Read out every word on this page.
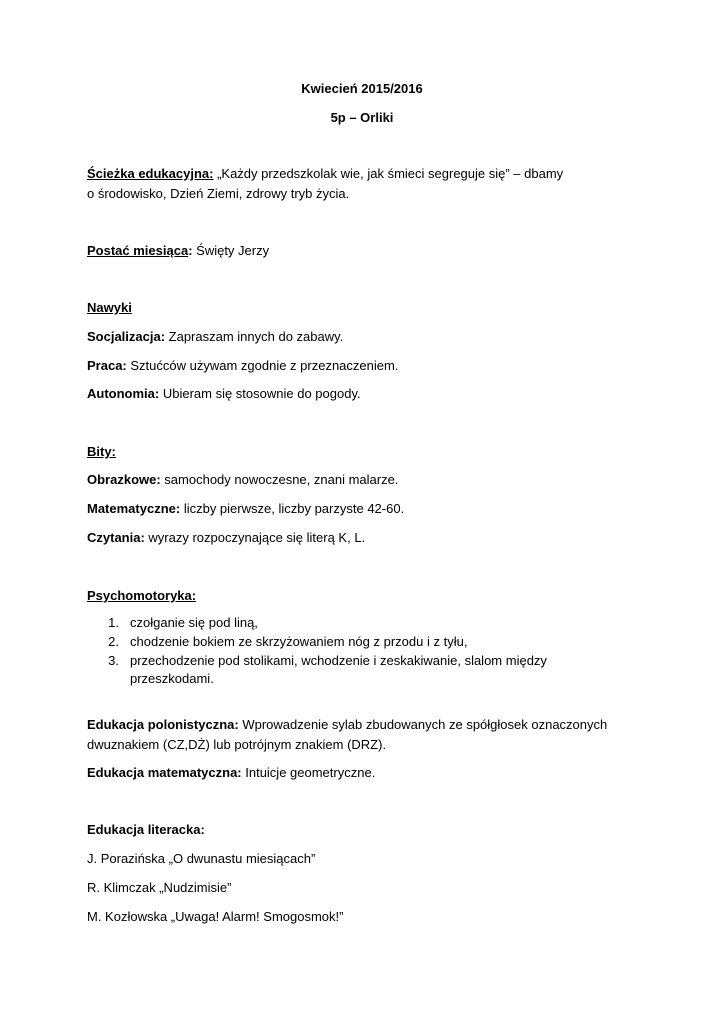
Kwiecień 2015/2016
5p – Orliki
Ścieżka edukacyjna: „Każdy przedszkolak wie, jak śmieci segreguje się” – dbamy
o środowisko, Dzień Ziemi, zdrowy tryb życia.
Postać miesiąca: Święty Jerzy
Nawyki
Socjalizacja: Zapraszam innych do zabawy.
Praca: Sztućców używam zgodnie z przeznaczeniem.
Autonomia: Ubieram się stosownie do pogody.
Bity:
Obrazkowe: samochody nowoczesne, znani malarze.
Matematyczne: liczby pierwsze, liczby parzyste 42-60.
Czytania: wyrazy rozpoczynające się literą K, L.
Psychomotoryka:
1. czołganie się pod liną,
2. chodzenie bokiem ze skrzyżowaniem nóg z przodu i z tyłu,
3. przechodzenie pod stolikami, wchodzenie i zeskakiwanie, slalom między
przeszkodami.
Edukacja polonistyczna: Wprowadzenie sylab zbudowanych ze spółgłosek oznaczonych
dwuznakiem (CZ,DŻ) lub potrójnym znakiem (DRZ).
Edukacja matematyczna: Intuicje geometryczne.
Edukacja literacka:
J. Porazińska „O dwunastu miesiącach”
R. Klimczak „Nudzimisie”
M. Kozłowska „Uwaga! Alarm! Smogosmok!”
